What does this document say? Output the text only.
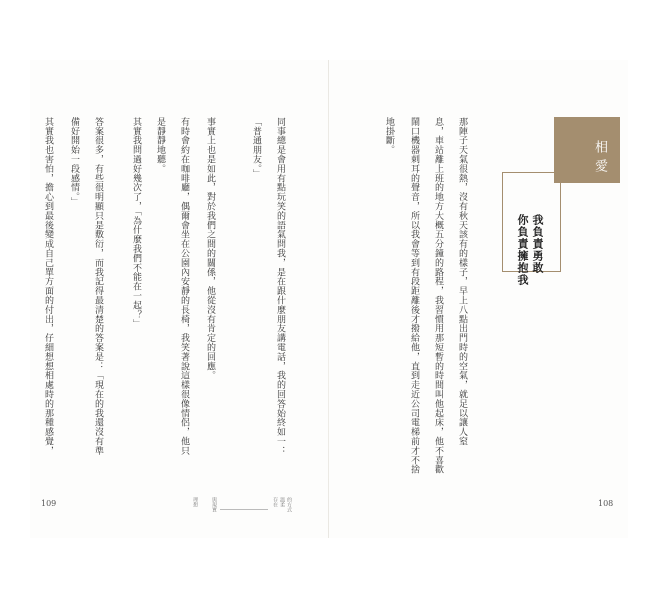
相愛
我負責勇敢
你負責擁抱我
那陣子天氣很熱，沒有秋天該有的樣子，早上八點出門時的空氣，就足以讓人窒
息，車站離上班的地方大概五分鐘的路程，我習慣用那短暫的時間叫他起床，他不喜歡
鬧口機器刺耳的聲音，所以我會等到有段距離後才撥給他，直到走近公司電梯前才不捨
地掛斷。
同事總是會用有點玩笑的語氣問我，是在跟什麼朋友講電話，我的回答始終如一：
「普通朋友。」
事實上也是如此，對於我們之間的關係，他從沒有肯定的回應。
有時會約在咖啡廳，偶爾會坐在公園內安靜的長椅，我笑著說這樣很像情侶，他只
是靜靜地聽。
其實我問過好幾次了，「為什麼我們不能在一起？」
答案很多，有些很明顯只是敷衍，而我記得最清楚的答案是：「現在的我還沒有準
備好開始一段感情。」
其實我也害怕，擔心到最後變成自己單方面的付出，仔細想想相處時的那種感覺，
109	108
理想	與現實	存在 溫柔 的方式
